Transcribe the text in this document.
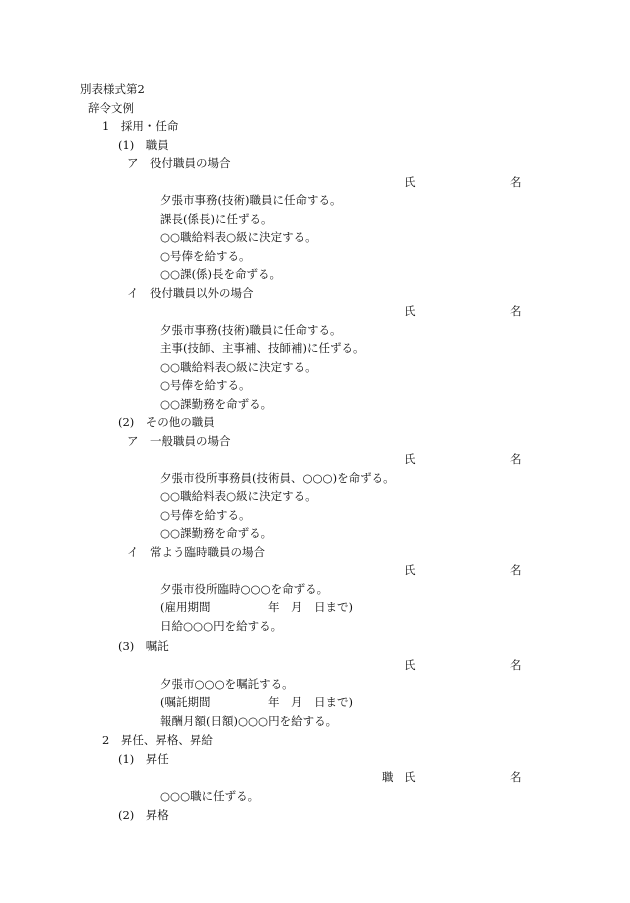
別表様式第2
辞令文例
1　採用・任命
(1)　職員
ア　役付職員の場合
氏	名
夕張市事務(技術)職員に任命する。
課長(係長)に任ずる。
○○職給料表○級に決定する。
○号俸を給する。
○○課(係)長を命ずる。
イ　役付職員以外の場合
氏	名
夕張市事務(技術)職員に任命する。
主事(技師、主事補、技師補)に任ずる。
○○職給料表○級に決定する。
○号俸を給する。
○○課勤務を命ずる。
(2)　その他の職員
ア　一般職員の場合
氏	名
夕張市役所事務員(技術員、○○○)を命ずる。
○○職給料表○級に決定する。
○号俸を給する。
○○課勤務を命ずる。
イ　常よう臨時職員の場合
氏	名
夕張市役所臨時○○○を命ずる。
(雇用期間　　　　　年　月　日まで)
日給○○○円を給する。
(3)　嘱託
氏	名
夕張市○○○を嘱託する。
(嘱託期間　　　　　年　月　日まで)
報酬月額(日額)○○○円を給する。
2　昇任、昇格、昇給
(1)　昇任
職 氏	名
○○○職に任ずる。
(2)　昇格
